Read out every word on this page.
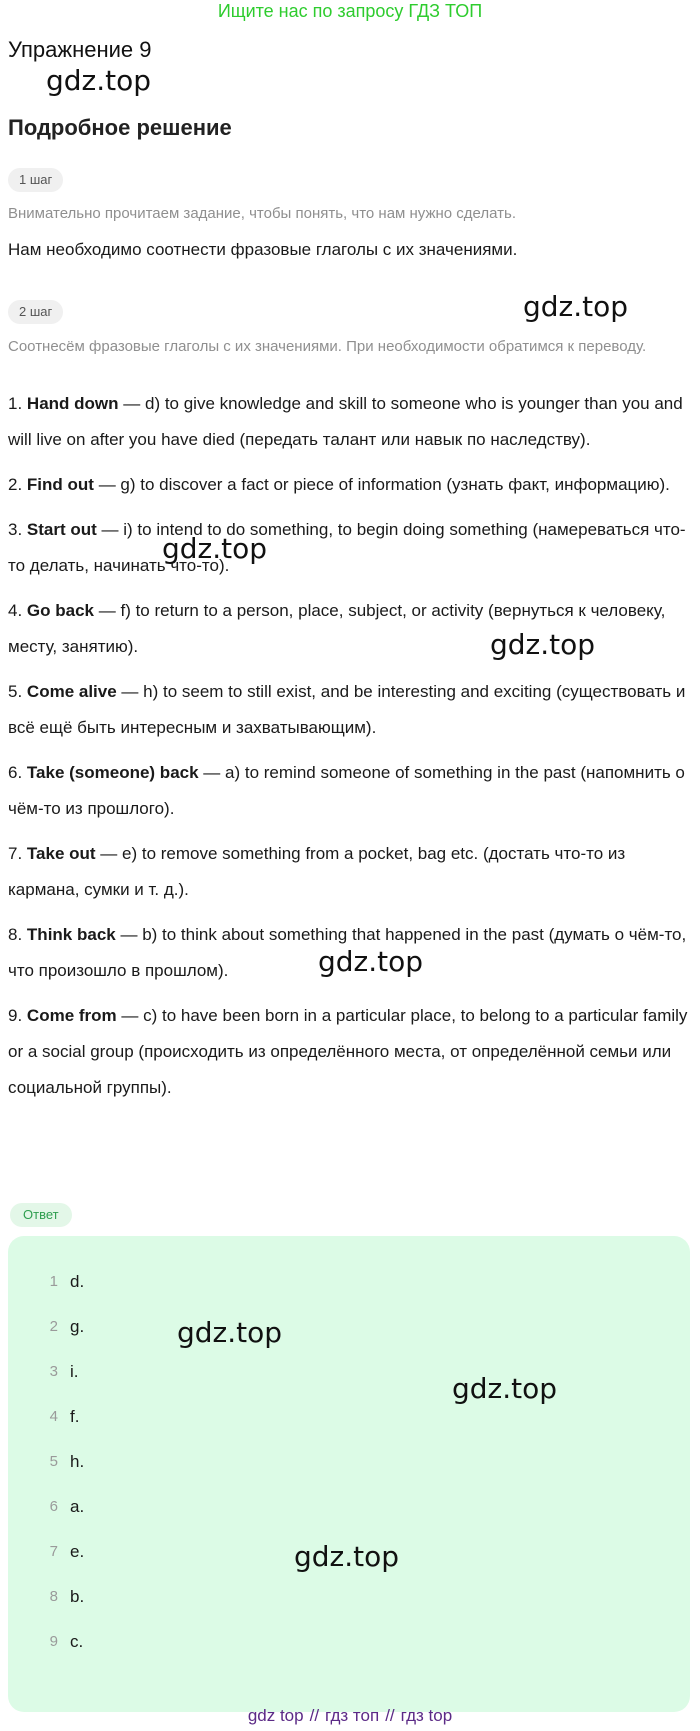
Ищите нас по запросу ГДЗ ТОП
Упражнение 9
gdz.top
Подробное решение
1 шаг
Внимательно прочитаем задание, чтобы понять, что нам нужно сделать.
Нам необходимо соотнести фразовые глаголы с их значениями.
2 шаг	gdz.top
Соотнесём фразовые глаголы с их значениями. При необходимости обратимся к переводу.
1. Hand down — d) to give knowledge and skill to someone who is younger than you and will live on after you have died (передать талант или навык по наследству).
2. Find out — g) to discover a fact or piece of information (узнать факт, информацию).
3. Start out — i) to intend to do something, to begin doing something (намереваться что-то делать, начинать что-то).
4. Go back — f) to return to a person, place, subject, or activity (вернуться к человеку, месту, занятию).
5. Come alive — h) to seem to still exist, and be interesting and exciting (существовать и всё ещё быть интересным и захватывающим).
6. Take (someone) back — a) to remind someone of something in the past (напомнить о чём-то из прошлого).
7. Take out — e) to remove something from a pocket, bag etc. (достать что-то из кармана, сумки и т. д.).
8. Think back — b) to think about something that happened in the past (думать о чём-то, что произошло в прошлом).
9. Come from — c) to have been born in a particular place, to belong to a particular family or a social group (происходить из определённого места, от определённой семьи или социальной группы).
gdz.top
gdz.top
gdz.top
Ответ
1 d.
2 g.
3 i.
4 f.
5 h.
6 a.
7 e.
8 b.
9 c.
gdz.top
gdz.top
gdz.top
gdz top // гдз топ // гдз top
